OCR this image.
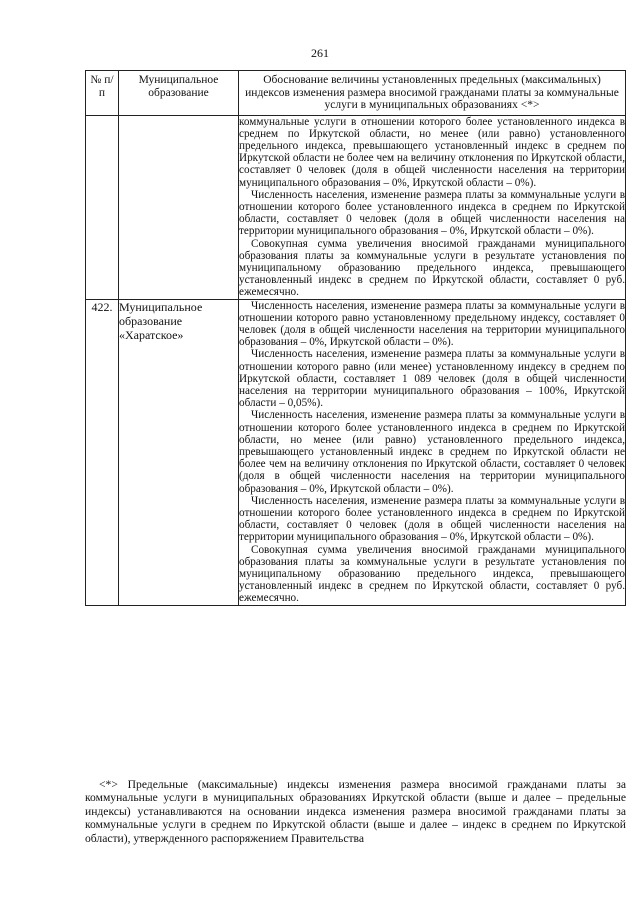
261
№ п/п	Муниципальное образование	Обоснование величины установленных предельных (максимальных) индексов изменения размера вносимой гражданами платы за коммунальные услуги в муниципальных образованиях <*>

		коммунальные услуги в отношении которого более установленного индекса в среднем по Иркутской области, но менее (или равно) установленного предельного индекса, превышающего установленный индекс в среднем по Иркутской области не более чем на величину отклонения по Иркутской области, составляет 0 человек (доля в общей численности населения на территории муниципального образования – 0%, Иркутской области – 0%).

Численность населения, изменение размера платы за коммунальные услуги в отношении которого более установленного индекса в среднем по Иркутской области, составляет 0 человек (доля в общей численности населения на территории муниципального образования – 0%, Иркутской области – 0%).

Совокупная сумма увеличения вносимой гражданами муниципального образования платы за коммунальные услуги в результате установления по муниципальному образованию предельного индекса, превышающего установленный индекс в среднем по Иркутской области, составляет 0 руб. ежемесячно.

422.	Муниципальное образование «Харатское»	Численность населения, изменение размера платы за коммунальные услуги в отношении которого равно установленному предельному индексу, составляет 0 человек (доля в общей численности населения на территории муниципального образования – 0%, Иркутской области – 0%).

Численность населения, изменение размера платы за коммунальные услуги в отношении которого равно (или менее) установленному индексу в среднем по Иркутской области, составляет 1 089 человек (доля в общей численности населения на территории муниципального образования – 100%, Иркутской области – 0,05%).

Численность населения, изменение размера платы за коммунальные услуги в отношении которого более установленного индекса в среднем по Иркутской области, но менее (или равно) установленного предельного индекса, превышающего установленный индекс в среднем по Иркутской области не более чем на величину отклонения по Иркутской области, составляет 0 человек (доля в общей численности населения на территории муниципального образования – 0%, Иркутской области – 0%).

Численность населения, изменение размера платы за коммунальные услуги в отношении которого более установленного индекса в среднем по Иркутской области, составляет 0 человек (доля в общей численности населения на территории муниципального образования – 0%, Иркутской области – 0%).

Совокупная сумма увеличения вносимой гражданами муниципального образования платы за коммунальные услуги в результате установления по муниципальному образованию предельного индекса, превышающего установленный индекс в среднем по Иркутской области, составляет 0 руб. ежемесячно.

<*> Предельные (максимальные) индексы изменения размера вносимой гражданами платы за коммунальные услуги в муниципальных образованиях Иркутской области (выше и далее – предельные индексы) устанавливаются на основании индекса изменения размера вносимой гражданами платы за коммунальные услуги в среднем по Иркутской области (выше и далее – индекс в среднем по Иркутской области), утвержденного распоряжением Правительства
